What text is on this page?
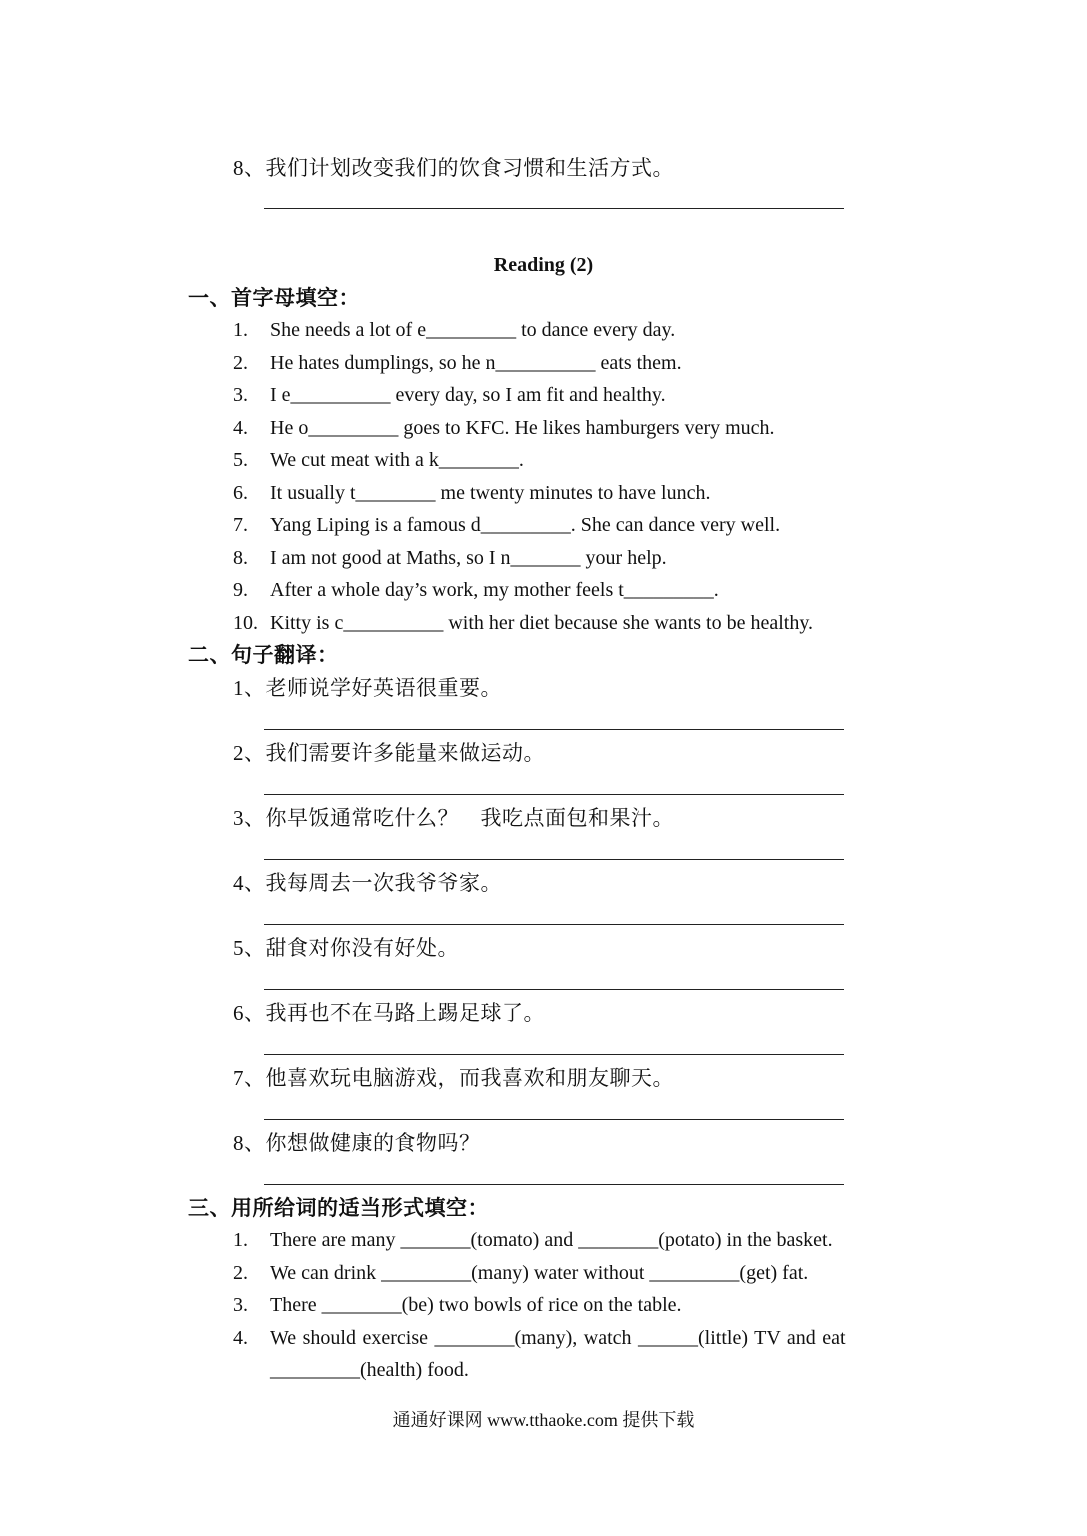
8、我们计划改变我们的饮食习惯和生活方式。
Reading (2)
一、首字母填空：
1. She needs a lot of e_________ to dance every day.
2. He hates dumplings, so he n__________ eats them.
3. I e__________ every day, so I am fit and healthy.
4. He o_________ goes to KFC. He likes hamburgers very much.
5. We cut meat with a k________.
6. It usually t________ me twenty minutes to have lunch.
7. Yang Liping is a famous d_________. She can dance very well.
8. I am not good at Maths, so I n_______ your help.
9. After a whole day’s work, my mother feels t_________.
10. Kitty is c__________ with her diet because she wants to be healthy.
二、句子翻译：
1、老师说学好英语很重要。
2、我们需要许多能量来做运动。
3、你早饭通常吃什么？　我吃点面包和果汁。
4、我每周去一次我爷爷家。
5、甜食对你没有好处。
6、我再也不在马路上踢足球了。
7、他喜欢玩电脑游戏，而我喜欢和朋友聊天。
8、你想做健康的食物吗？
三、用所给词的适当形式填空：
1. There are many _______(tomato) and ________(potato) in the basket.
2. We can drink _________(many) water without _________(get) fat.
3. There ________(be) two bowls of rice on the table.
4. We should exercise ________(many), watch ______(little) TV and eat
_________(health) food.
通通好课网 www.tthaoke.com 提供下载
